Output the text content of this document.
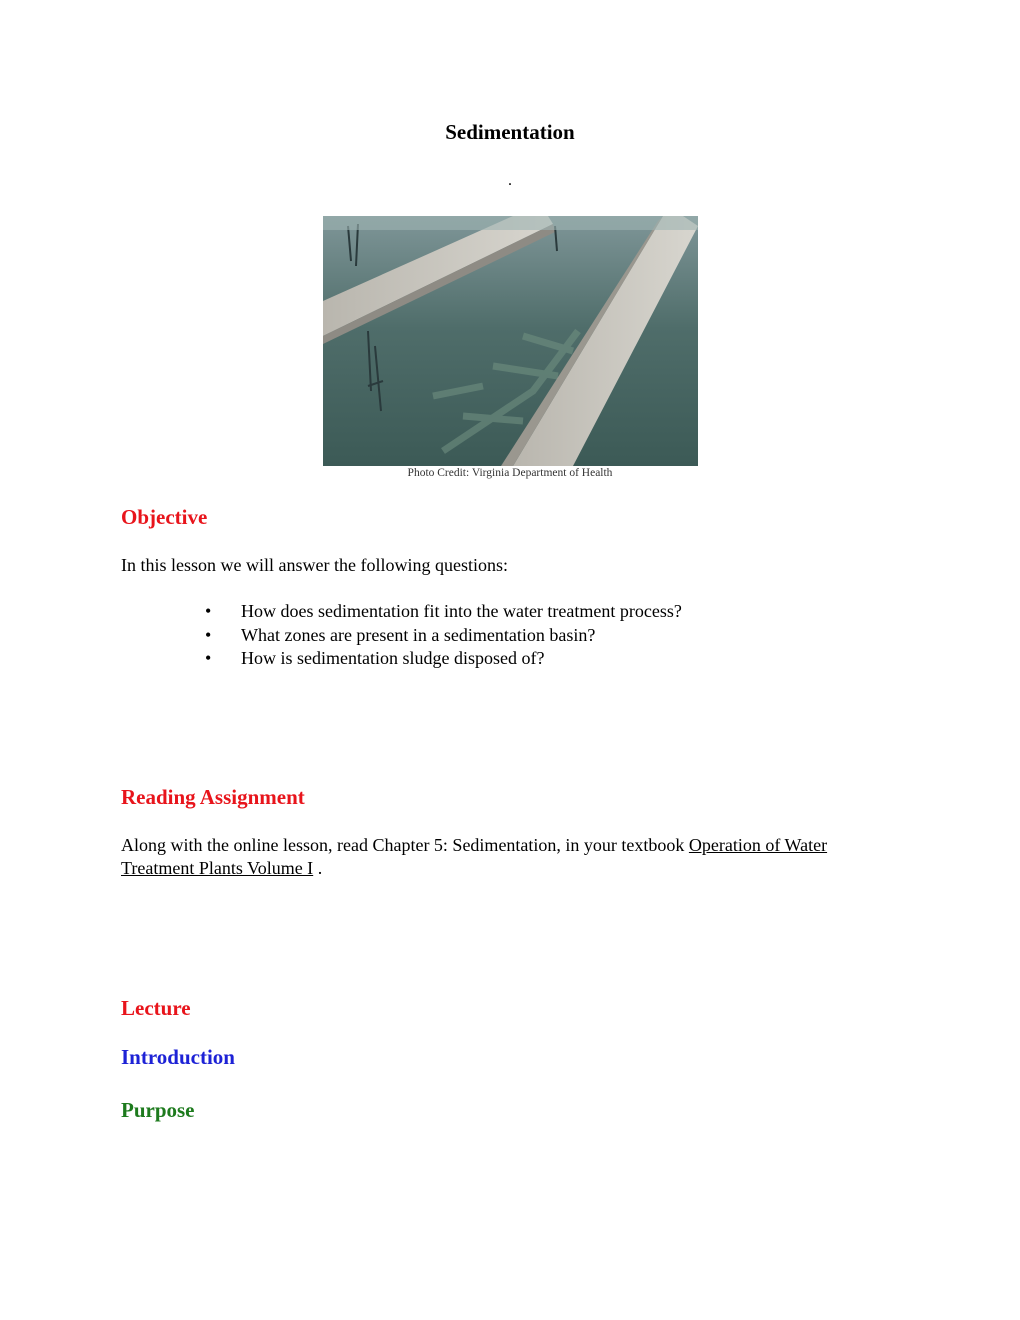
Sedimentation
.
Photo Credit: Virginia Department of Health
Objective
In this lesson we will answer the following questions:
• How does sedimentation fit into the water treatment process?
• What zones are present in a sedimentation basin?
• How is sedimentation sludge disposed of?
Reading Assignment
Along with the online lesson, read Chapter 5: Sedimentation, in your textbook Operation of Water Treatment Plants Volume I .
Lecture
Introduction
Purpose
